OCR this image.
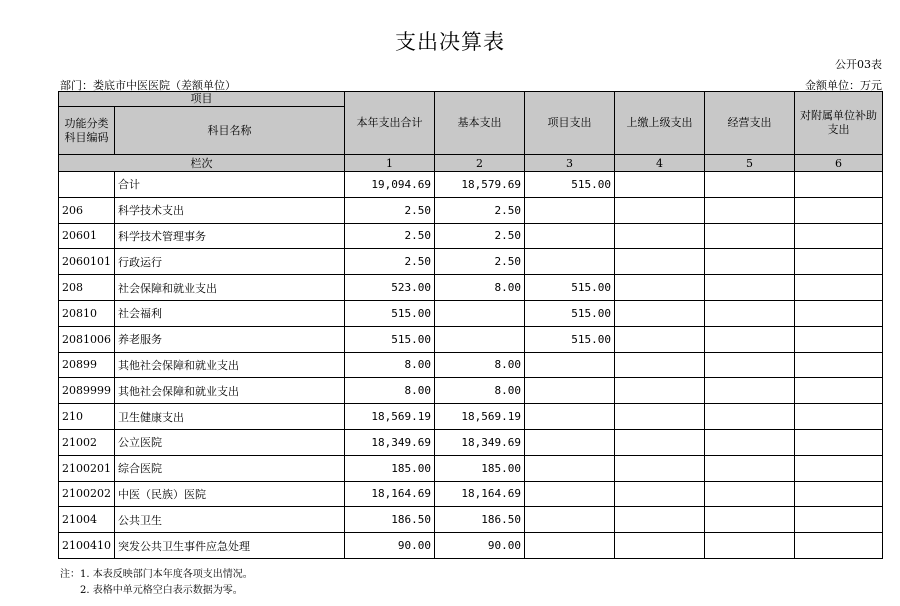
支出决算表
公开03表
部门：娄底市中医医院（差额单位）	金额单位：万元
项目		本年支出合计	基本支出	项目支出	上缴上级支出	经营支出	对附属单位补助支出
功能分类科目编码	科目名称						
栏次		1	2	3	4	5	6
	合计	19,094.69	18,579.69	515.00			
206	科学技术支出	2.50	2.50				
20601	科学技术管理事务	2.50	2.50				
2060101	行政运行	2.50	2.50				
208	社会保障和就业支出	523.00	8.00	515.00			
20810	社会福利	515.00		515.00			
2081006	养老服务	515.00		515.00			
20899	其他社会保障和就业支出	8.00	8.00				
2089999	其他社会保障和就业支出	8.00	8.00				
210	卫生健康支出	18,569.19	18,569.19				
21002	公立医院	18,349.69	18,349.69				
2100201	综合医院	185.00	185.00				
2100202	中医（民族）医院	18,164.69	18,164.69				
21004	公共卫生	186.50	186.50				
2100410	突发公共卫生事件应急处理	90.00	90.00				
注：1. 本表反映部门本年度各项支出情况。
2. 表格中单元格空白表示数据为零。
